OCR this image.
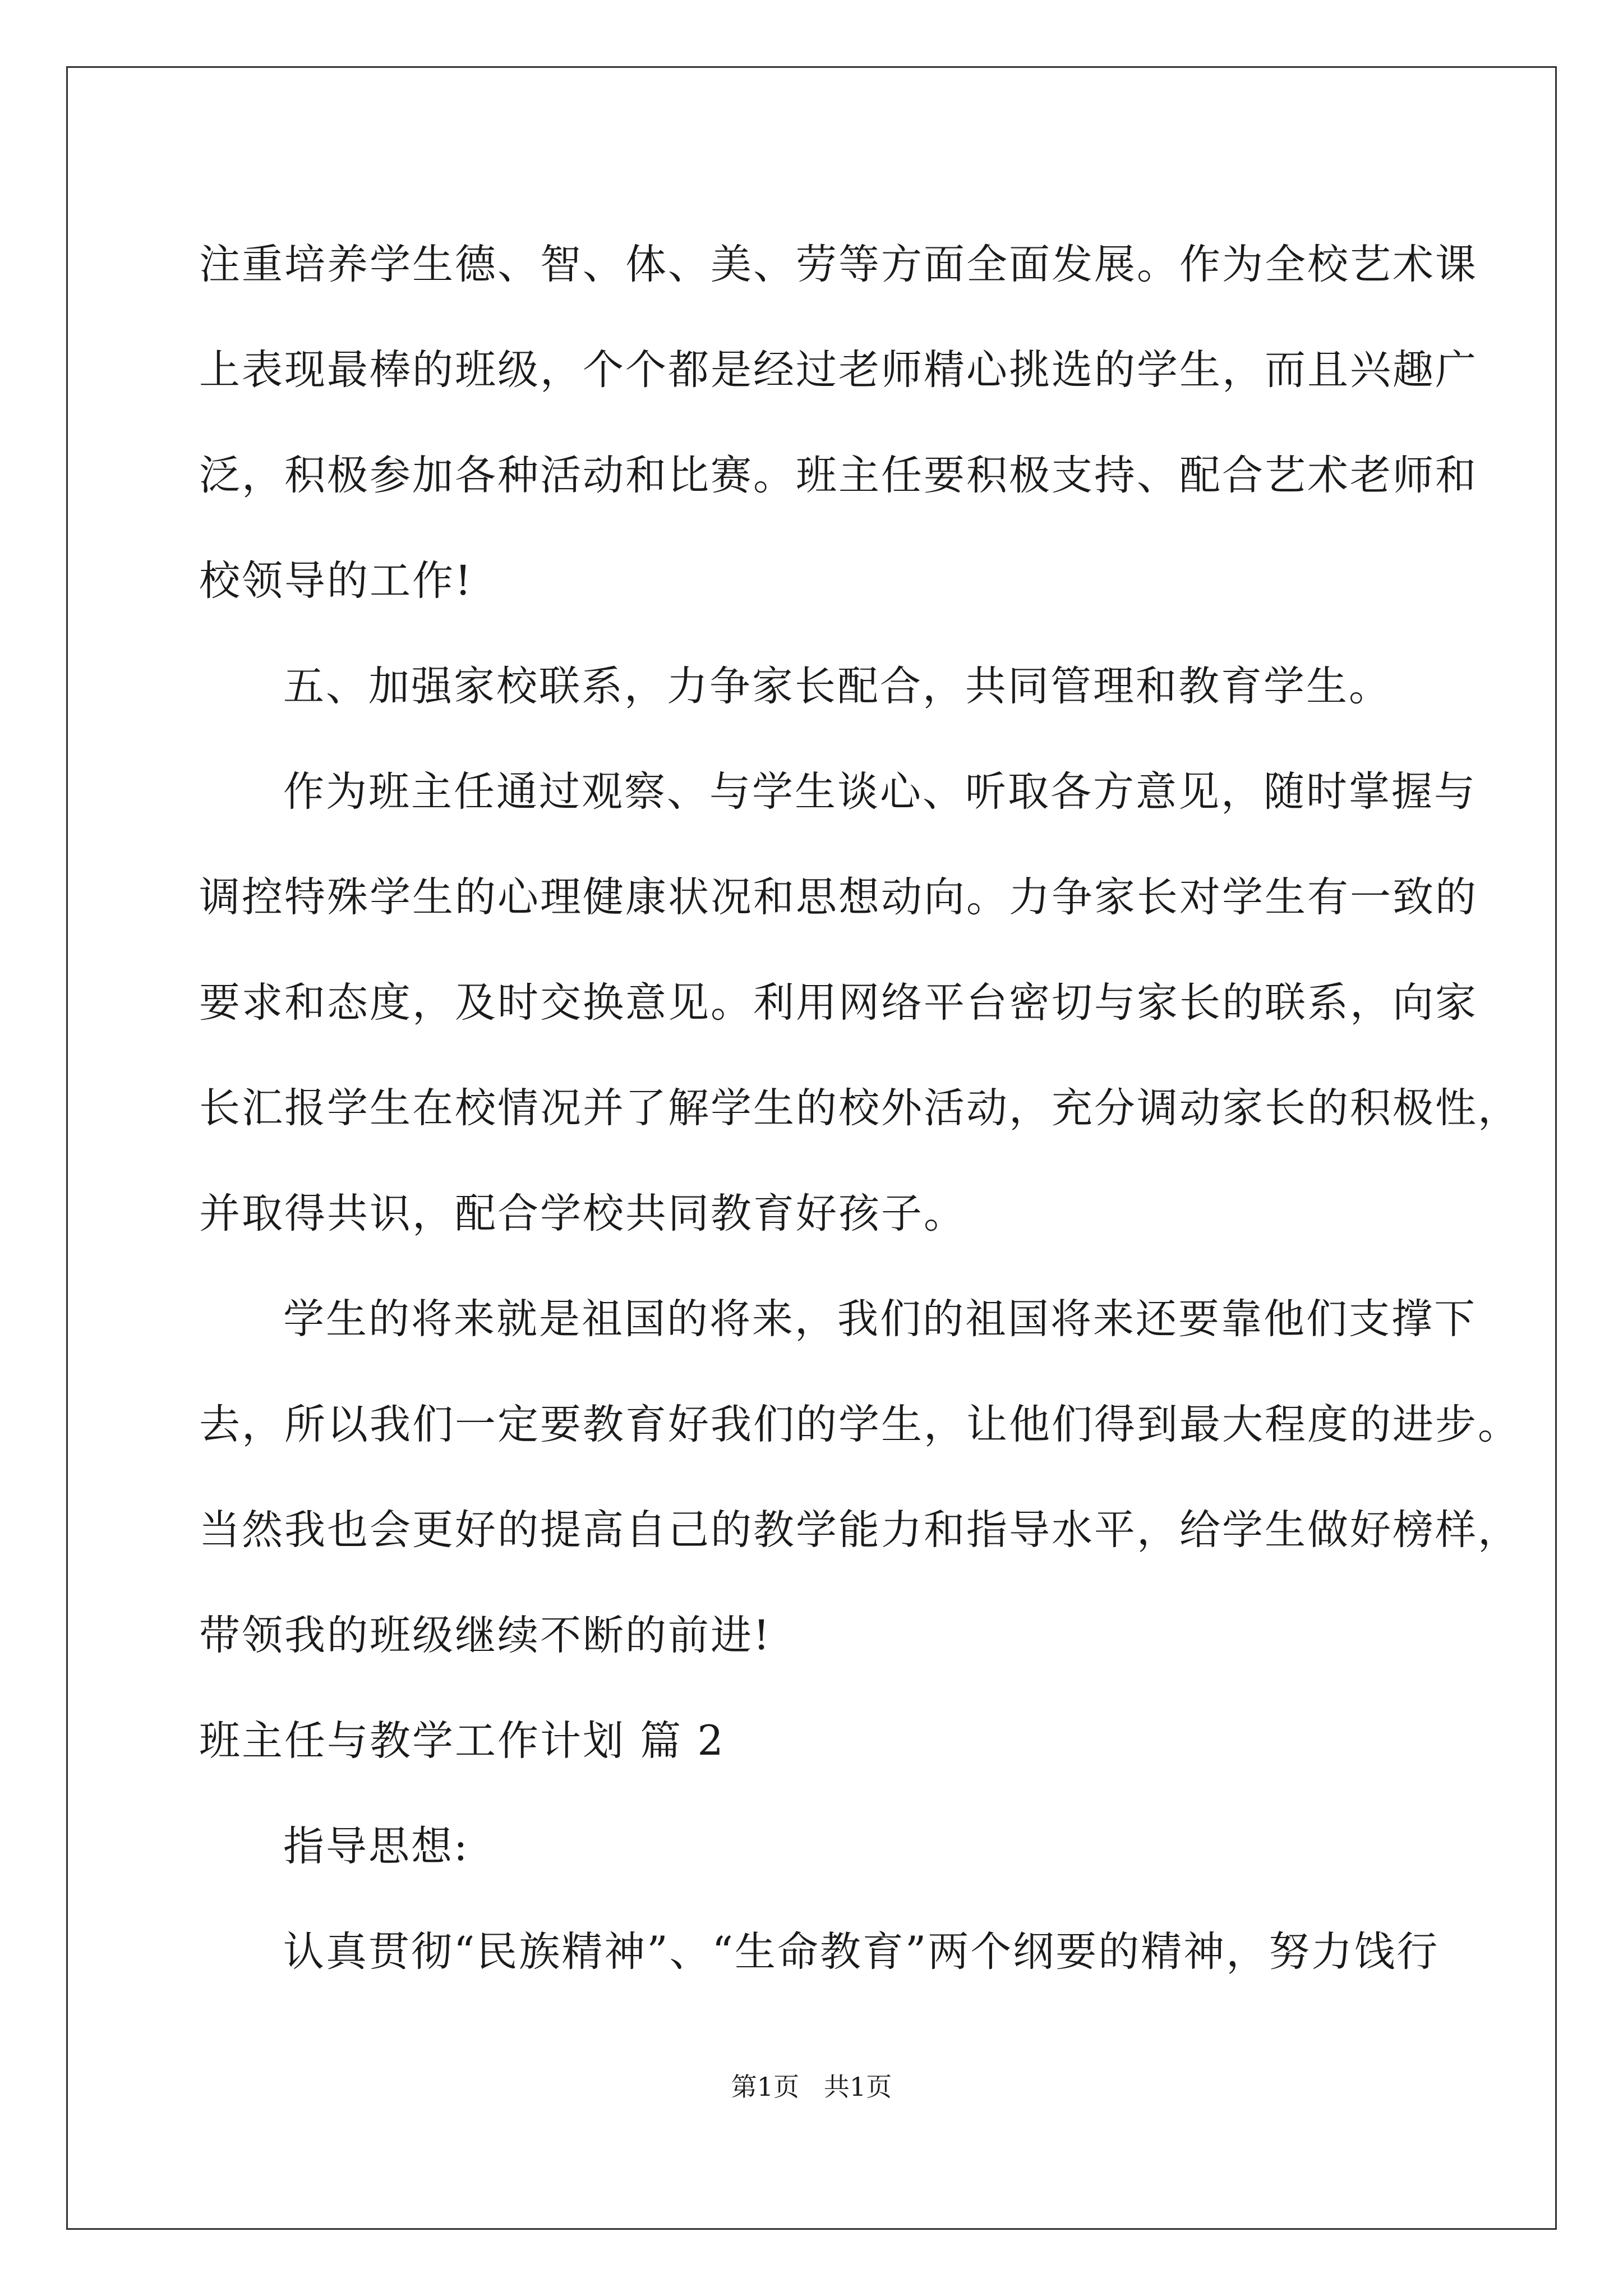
注重培养学生德、智、体、美、劳等方面全面发展。作为全校艺术课
上表现最棒的班级，个个都是经过老师精心挑选的学生，而且兴趣广
泛，积极参加各种活动和比赛。班主任要积极支持、配合艺术老师和
校领导的工作!
五、加强家校联系，力争家长配合，共同管理和教育学生。
作为班主任通过观察、与学生谈心、听取各方意见，随时掌握与
调控特殊学生的心理健康状况和思想动向。力争家长对学生有一致的
要求和态度，及时交换意见。利用网络平台密切与家长的联系，向家
长汇报学生在校情况并了解学生的校外活动，充分调动家长的积极性，
并取得共识，配合学校共同教育好孩子。
学生的将来就是祖国的将来，我们的祖国将来还要靠他们支撑下
去，所以我们一定要教育好我们的学生，让他们得到最大程度的进步。
当然我也会更好的提高自己的教学能力和指导水平，给学生做好榜样，
带领我的班级继续不断的前进!
班主任与教学工作计划 篇 2
指导思想:
认真贯彻“民族精神”、“生命教育”两个纲要的精神，努力饯行
第1页   共1页
